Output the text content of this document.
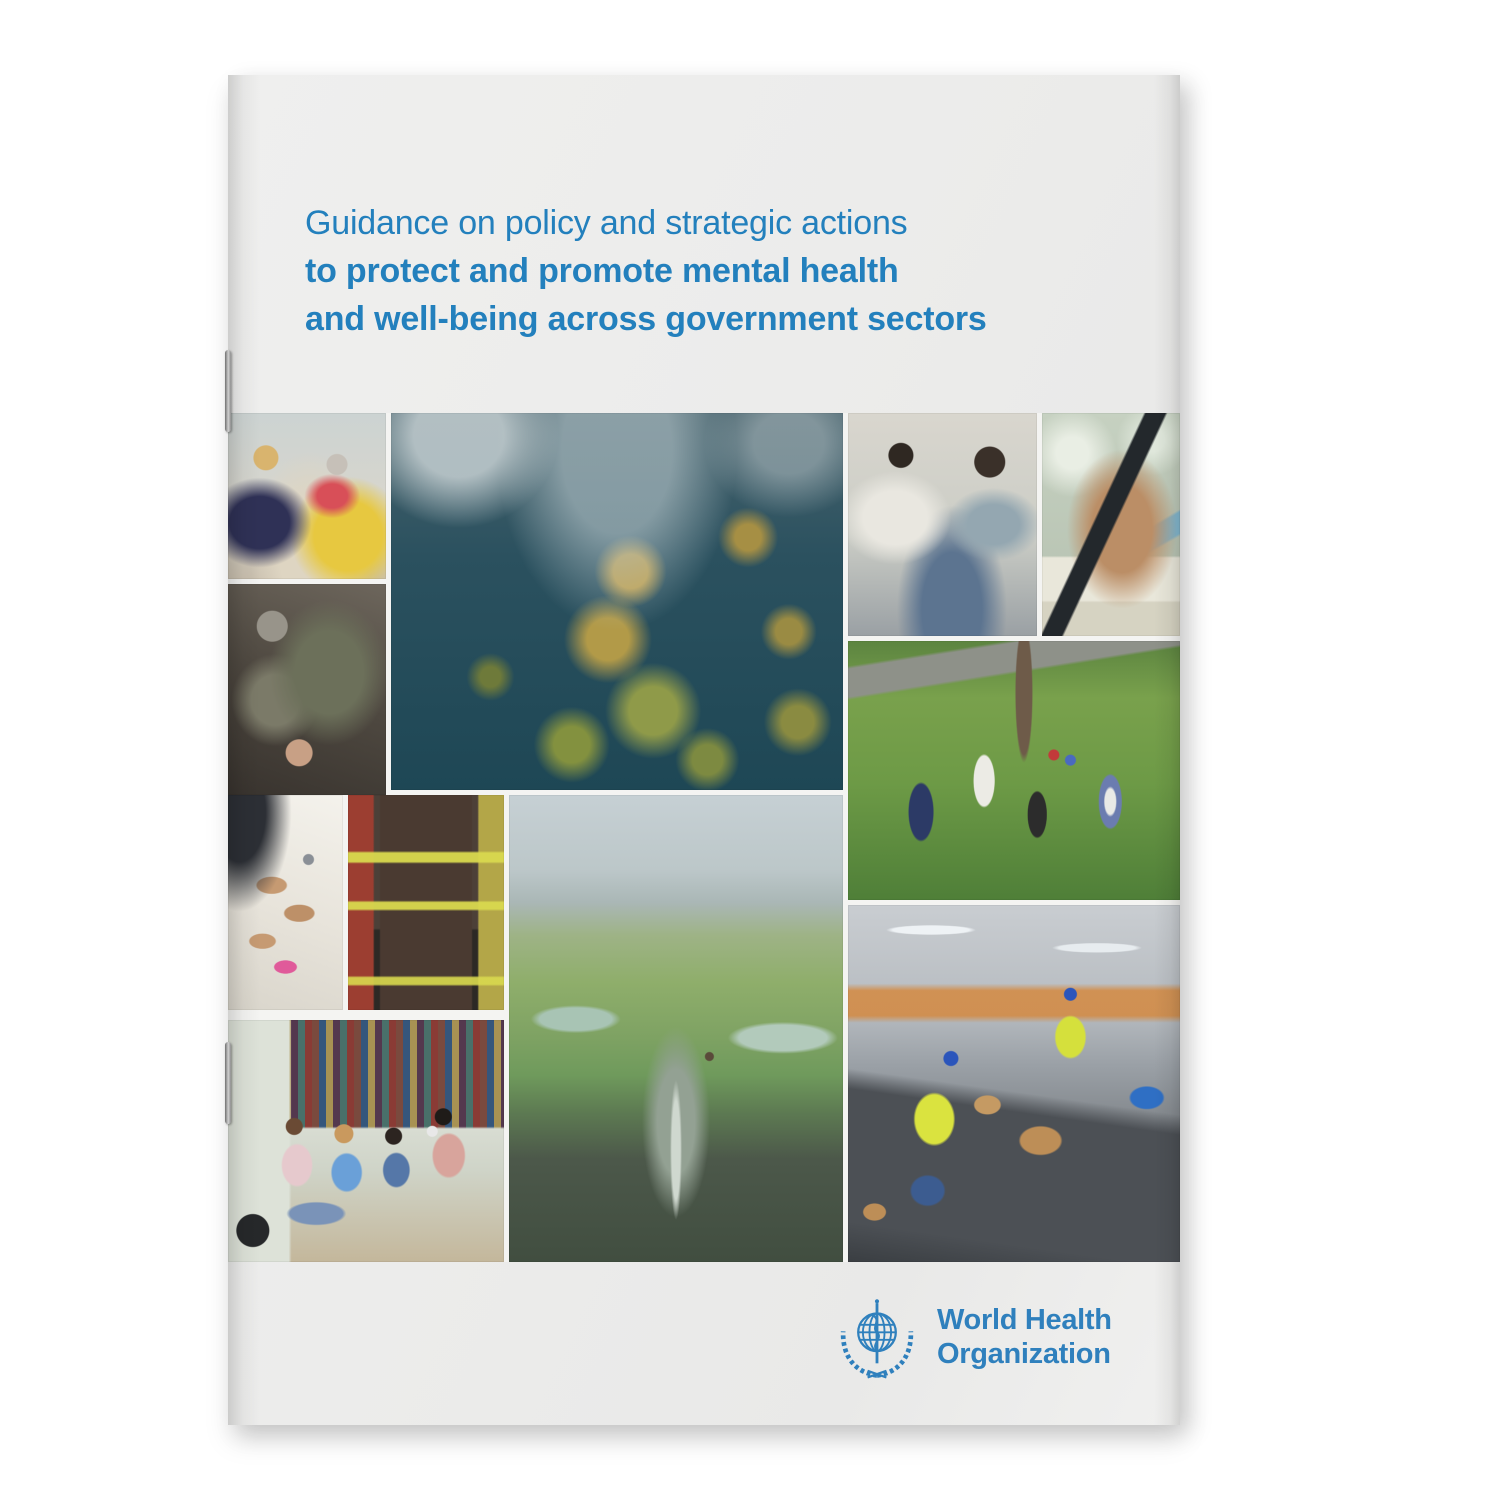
Guidance on policy and strategic actions
to protect and promote mental health
and well-being across government sectors
World Health
Organization
